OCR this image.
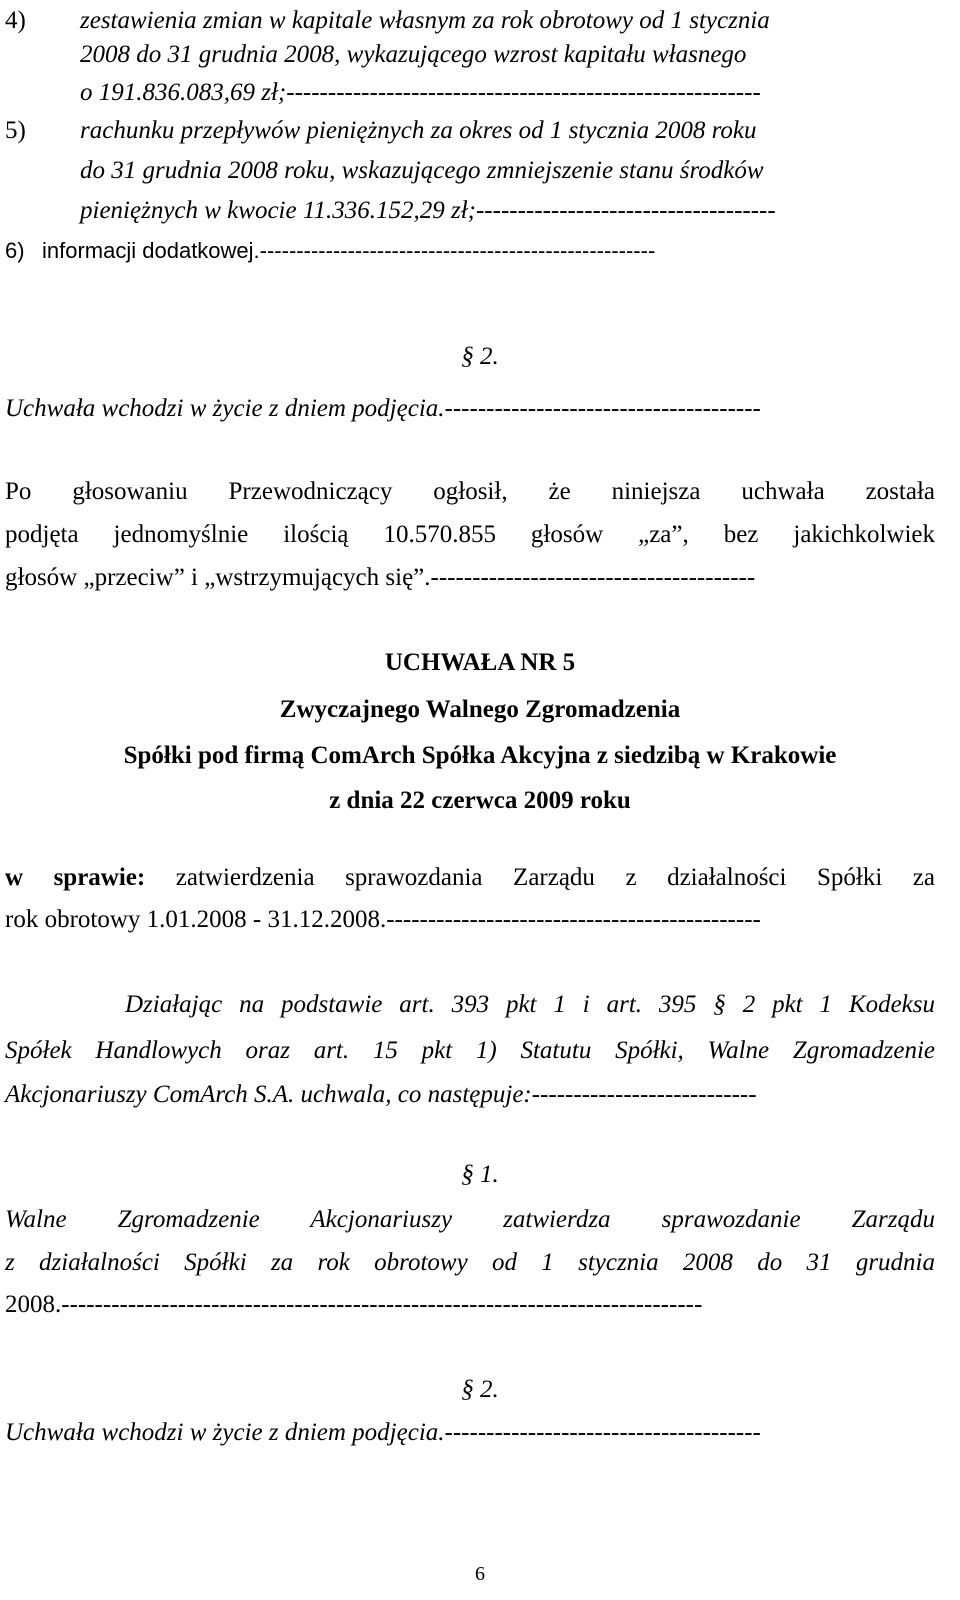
4) zestawienia zmian w kapitale własnym za rok obrotowy od 1 stycznia
2008 do 31 grudnia 2008, wykazującego wzrost kapitału własnego
o 191.836.083,69 zł;---------------------------------------------------------
5) rachunku przepływów pieniężnych za okres od 1 stycznia 2008 roku
do 31 grudnia 2008 roku, wskazującego zmniejszenie stanu środków
pieniężnych w kwocie 11.336.152,29 zł;------------------------------------
6) informacji dodatkowej.------------------------------------------------------
§ 2.
Uchwała wchodzi w życie z dniem podjęcia.--------------------------------------
Po głosowaniu Przewodniczący ogłosił, że niniejsza uchwała została
podjęta jednomyślnie ilością 10.570.855 głosów „za”, bez jakichkolwiek
głosów „przeciw” i „wstrzymujących się”.---------------------------------------
UCHWAŁA NR 5
Zwyczajnego Walnego Zgromadzenia
Spółki pod firmą ComArch Spółka Akcyjna z siedzibą w Krakowie
z dnia 22 czerwca 2009 roku
w sprawie: zatwierdzenia sprawozdania Zarządu z działalności Spółki za
rok obrotowy 1.01.2008 - 31.12.2008.---------------------------------------------
Działając na podstawie art. 393 pkt 1 i art. 395 § 2 pkt 1 Kodeksu
Spółek Handlowych oraz art. 15 pkt 1) Statutu Spółki, Walne Zgromadzenie
Akcjonariuszy ComArch S.A. uchwala, co następuje:---------------------------
§ 1.
Walne Zgromadzenie Akcjonariuszy zatwierdza sprawozdanie Zarządu
z działalności Spółki za rok obrotowy od 1 stycznia 2008 do 31 grudnia
2008.-----------------------------------------------------------------------------
§ 2.
Uchwała wchodzi w życie z dniem podjęcia.--------------------------------------
6
